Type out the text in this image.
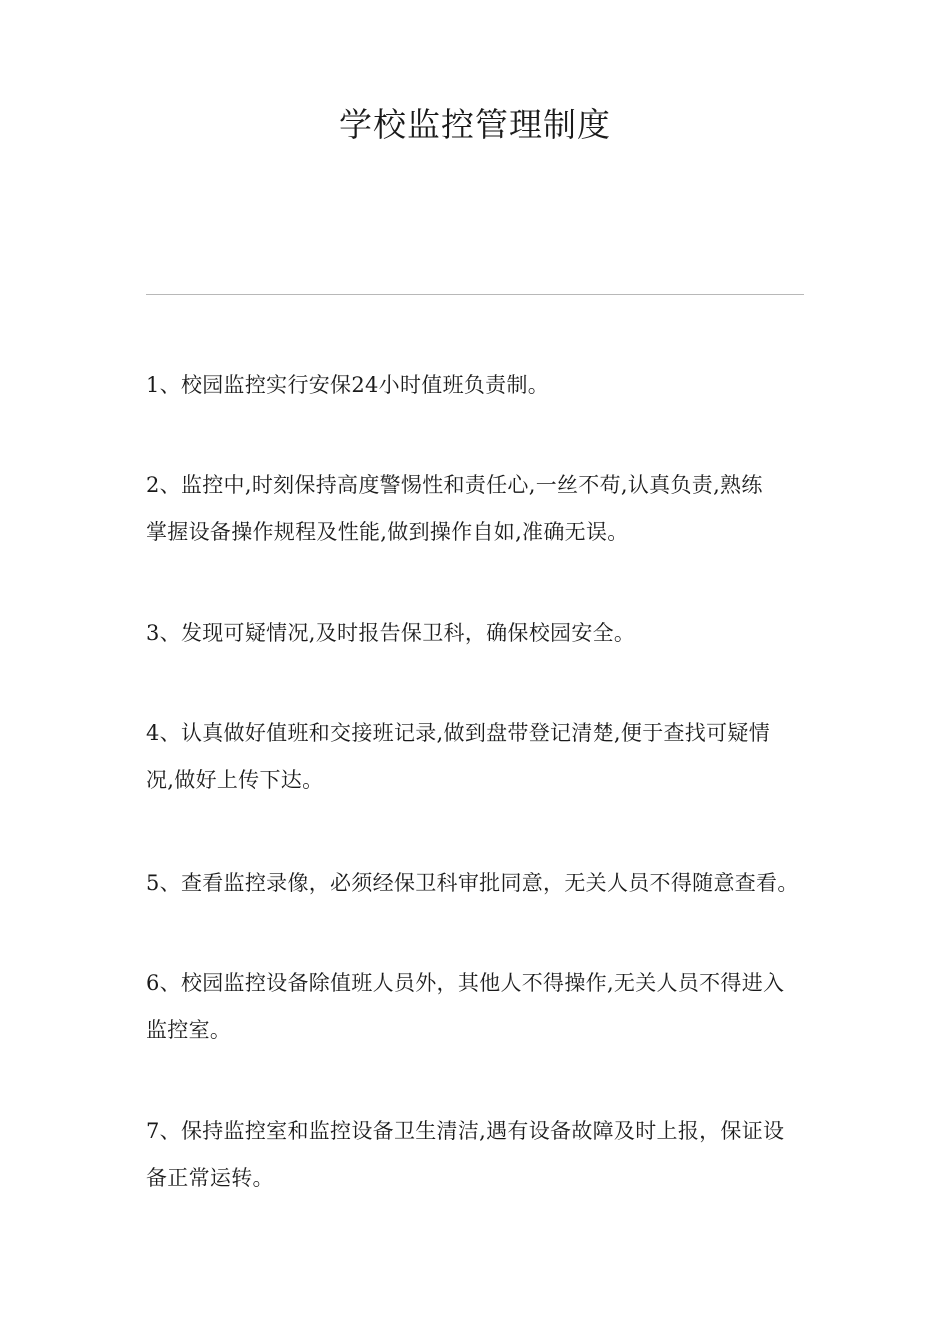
学校监控管理制度

1、校园监控实行安保24小时值班负责制。

2、监控中,时刻保持高度警惕性和责任心,一丝不苟,认真负责,熟练
掌握设备操作规程及性能,做到操作自如,准确无误。

3、发现可疑情况,及时报告保卫科，确保校园安全。

4、认真做好值班和交接班记录,做到盘带登记清楚,便于查找可疑情
况,做好上传下达。

5、查看监控录像，必须经保卫科审批同意，无关人员不得随意查看。

6、校园监控设备除值班人员外，其他人不得操作,无关人员不得进入
监控室。

7、保持监控室和监控设备卫生清洁,遇有设备故障及时上报，保证设
备正常运转。
